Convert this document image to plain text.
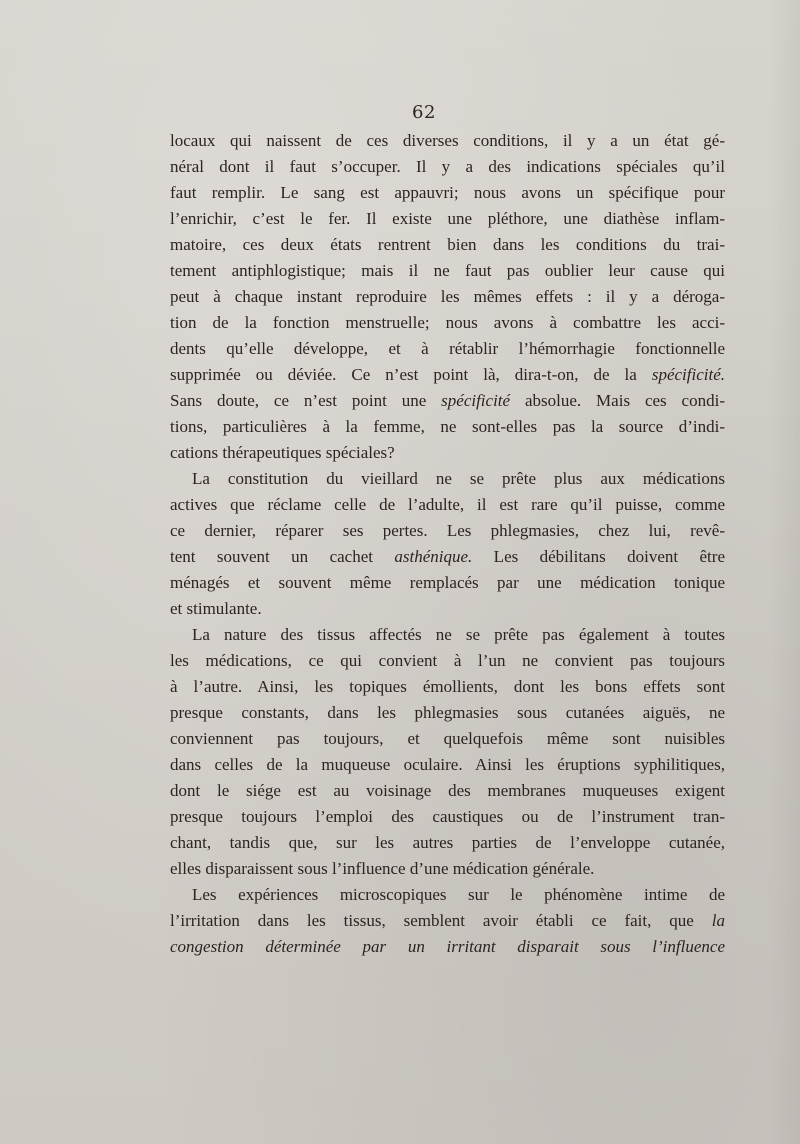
62
locaux qui naissent de ces diverses conditions, il y a un état gé-
néral dont il faut s’occuper. Il y a des indications spéciales qu’il
faut remplir. Le sang est appauvri; nous avons un spécifique pour
l’enrichir, c’est le fer. Il existe une pléthore, une diathèse inflam-
matoire, ces deux états rentrent bien dans les conditions du trai-
tement antiphlogistique; mais il ne faut pas oublier leur cause qui
peut à chaque instant reproduire les mêmes effets : il y a déroga-
tion de la fonction menstruelle; nous avons à combattre les acci-
dents qu’elle développe, et à rétablir l’hémorrhagie fonctionnelle
supprimée ou déviée. Ce n’est point là, dira-t-on, de la spécificité.
Sans doute, ce n’est point une spécificité absolue. Mais ces condi-
tions, particulières à la femme, ne sont-elles pas la source d’indi-
cations thérapeutiques spéciales?
La constitution du vieillard ne se prête plus aux médications
actives que réclame celle de l’adulte, il est rare qu’il puisse, comme
ce dernier, réparer ses pertes. Les phlegmasies, chez lui, revê-
tent souvent un cachet asthénique. Les débilitans doivent être
ménagés et souvent même remplacés par une médication tonique
et stimulante.
La nature des tissus affectés ne se prête pas également à toutes
les médications, ce qui convient à l’un ne convient pas toujours
à l’autre. Ainsi, les topiques émollients, dont les bons effets sont
presque constants, dans les phlegmasies sous cutanées aiguës, ne
conviennent pas toujours, et quelquefois même sont nuisibles
dans celles de la muqueuse oculaire. Ainsi les éruptions syphilitiques,
dont le siége est au voisinage des membranes muqueuses exigent
presque toujours l’emploi des caustiques ou de l’instrument tran-
chant, tandis que, sur les autres parties de l’enveloppe cutanée,
elles disparaissent sous l’influence d’une médication générale.
Les expériences microscopiques sur le phénomène intime de
l’irritation dans les tissus, semblent avoir établi ce fait, que la
congestion déterminée par un irritant disparait sous l’influence
